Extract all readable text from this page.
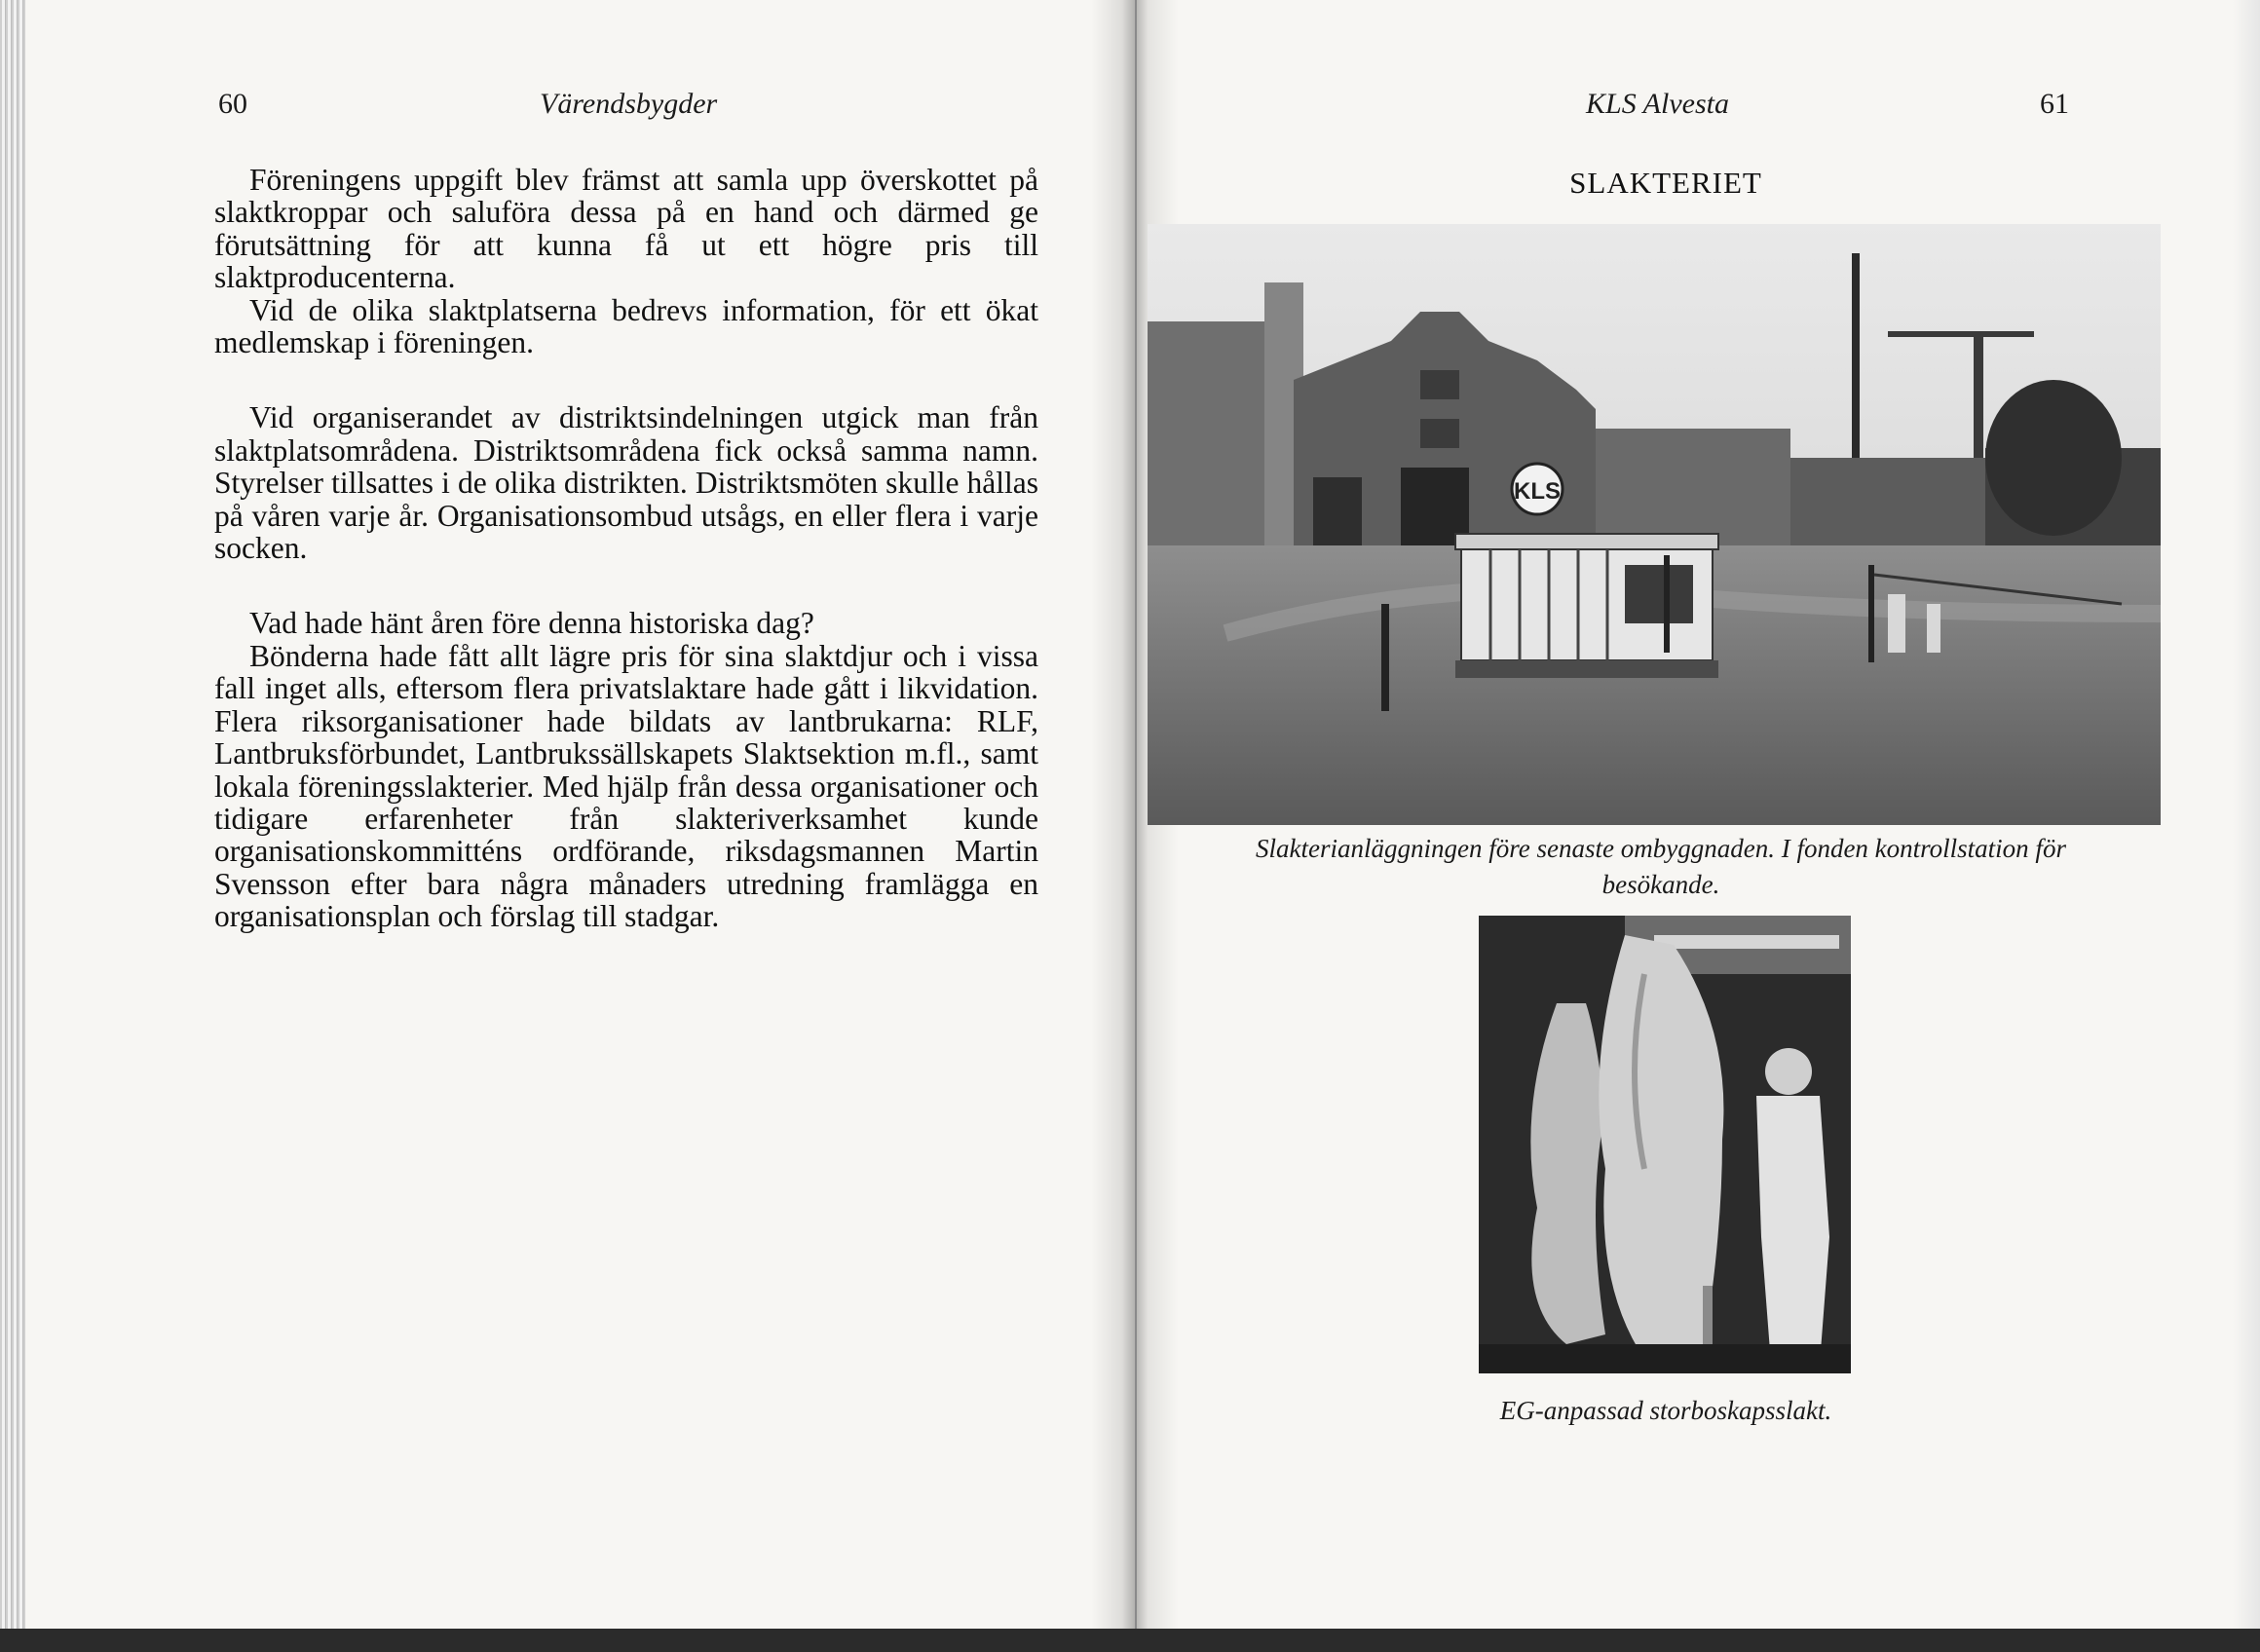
60	Värendsbygder

Föreningens uppgift blev främst att samla upp överskottet på slaktkroppar och saluföra dessa på en hand och därmed ge förutsättning för att kunna få ut ett högre pris till slaktproducenterna.

Vid de olika slaktplatserna bedrevs information, för ett ökat medlemskap i föreningen.

Vid organiserandet av distriktsindelningen utgick man från slaktplatsområdena. Distriktsområdena fick också samma namn. Styrelser tillsattes i de olika distrikten. Distriktsmöten skulle hållas på våren varje år. Organisationsombud utsågs, en eller flera i varje socken.

Vad hade hänt åren före denna historiska dag?

Bönderna hade fått allt lägre pris för sina slaktdjur och i vissa fall inget alls, eftersom flera privatslaktare hade gått i likvidation. Flera riksorganisationer hade bildats av lantbrukarna: RLF, Lantbruksförbundet, Lantbrukssällskapets Slaktsektion m.fl., samt lokala föreningsslakterier. Med hjälp från dessa organisationer och tidigare erfarenheter från slakteriverksamhet kunde organisationskommitténs ordförande, riksdagsmannen Martin Svensson efter bara några månaders utredning framlägga en organisationsplan och förslag till stadgar.

KLS Alvesta	61
SLAKTERIET
KLS
Slakterianläggningen före senaste ombyggnaden. I fonden kontrollstation för besökande.
EG-anpassad storboskapsslakt.
